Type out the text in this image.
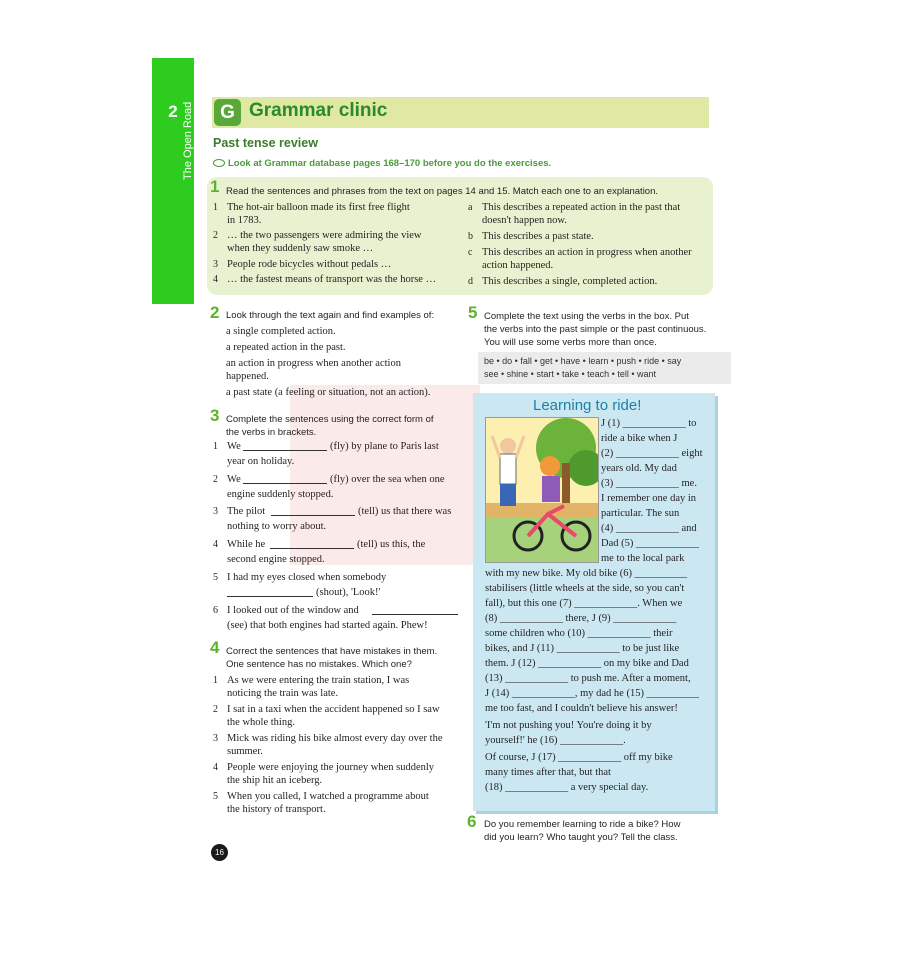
2 The Open Road	G Grammar clinic
Past tense review
Look at Grammar database pages 168–170 before you do the exercises.
1 Read the sentences and phrases from the text on pages 14 and 15. Match each one to an explanation.
1 The hot-air balloon made its first free flight
in 1783.
2 … the two passengers were admiring the view
when they suddenly saw smoke …
3 People rode bicycles without pedals …
4 … the fastest means of transport was the horse …
a This describes a repeated action in the past that
doesn't happen now.
b This describes a past state.
c This describes an action in progress when another
action happened.
d This describes a single, completed action.
2 Look through the text again and find examples of:
a single completed action.
a repeated action in the past.
an action in progress when another action
happened.
a past state (a feeling or situation, not an action).
3 Complete the sentences using the correct form of
the verbs in brackets.
1 We	(fly) by plane to Paris last
year on holiday.
2 We	(fly) over the sea when one
engine suddenly stopped.
3 The pilot	(tell) us that there was
nothing to worry about.
4 While he	(tell) us this, the
second engine stopped.
5 I had my eyes closed when somebody
(shout), 'Look!'
6 I looked out of the window and
(see) that both engines had started again. Phew!
4 Correct the sentences that have mistakes in them.
One sentence has no mistakes. Which one?
1 As we were entering the train station, I was
noticing the train was late.
2 I sat in a taxi when the accident happened so I saw
the whole thing.
3 Mick was riding his bike almost every day over the
summer.
4 People were enjoying the journey when suddenly
the ship hit an iceberg.
5 When you called, I watched a programme about
the history of transport.
5 Complete the text using the verbs in the box. Put
the verbs into the past simple or the past continuous.
You will use some verbs more than once.
be • do • fall • get • have • learn • push • ride • say
see • shine • start • take • teach • tell • want
Learning to ride!
J (1) ____________ to
ride a bike when J
(2) ____________ eight
years old. My dad
(3) ____________ me.
I remember one day in
particular. The sun
(4) ____________ and
Dad (5) ____________
me to the local park
with my new bike. My old bike (6) __________
stabilisers (little wheels at the side, so you can't
fall), but this one (7) ____________. When we
(8) ____________ there, J (9) ____________
some children who (10) ____________ their
bikes, and J (11) ____________ to be just like
them. J (12) ____________ on my bike and Dad
(13) ____________ to push me. After a moment,
J (14) ____________, my dad he (15) __________
me too fast, and I couldn't believe his answer!
'I'm not pushing you! You're doing it by
yourself!' he (16) ____________.
Of course, J (17) ____________ off my bike
many times after that, but that
(18) ____________ a very special day.
6 Do you remember learning to ride a bike? How
did you learn? Who taught you? Tell the class.
16
